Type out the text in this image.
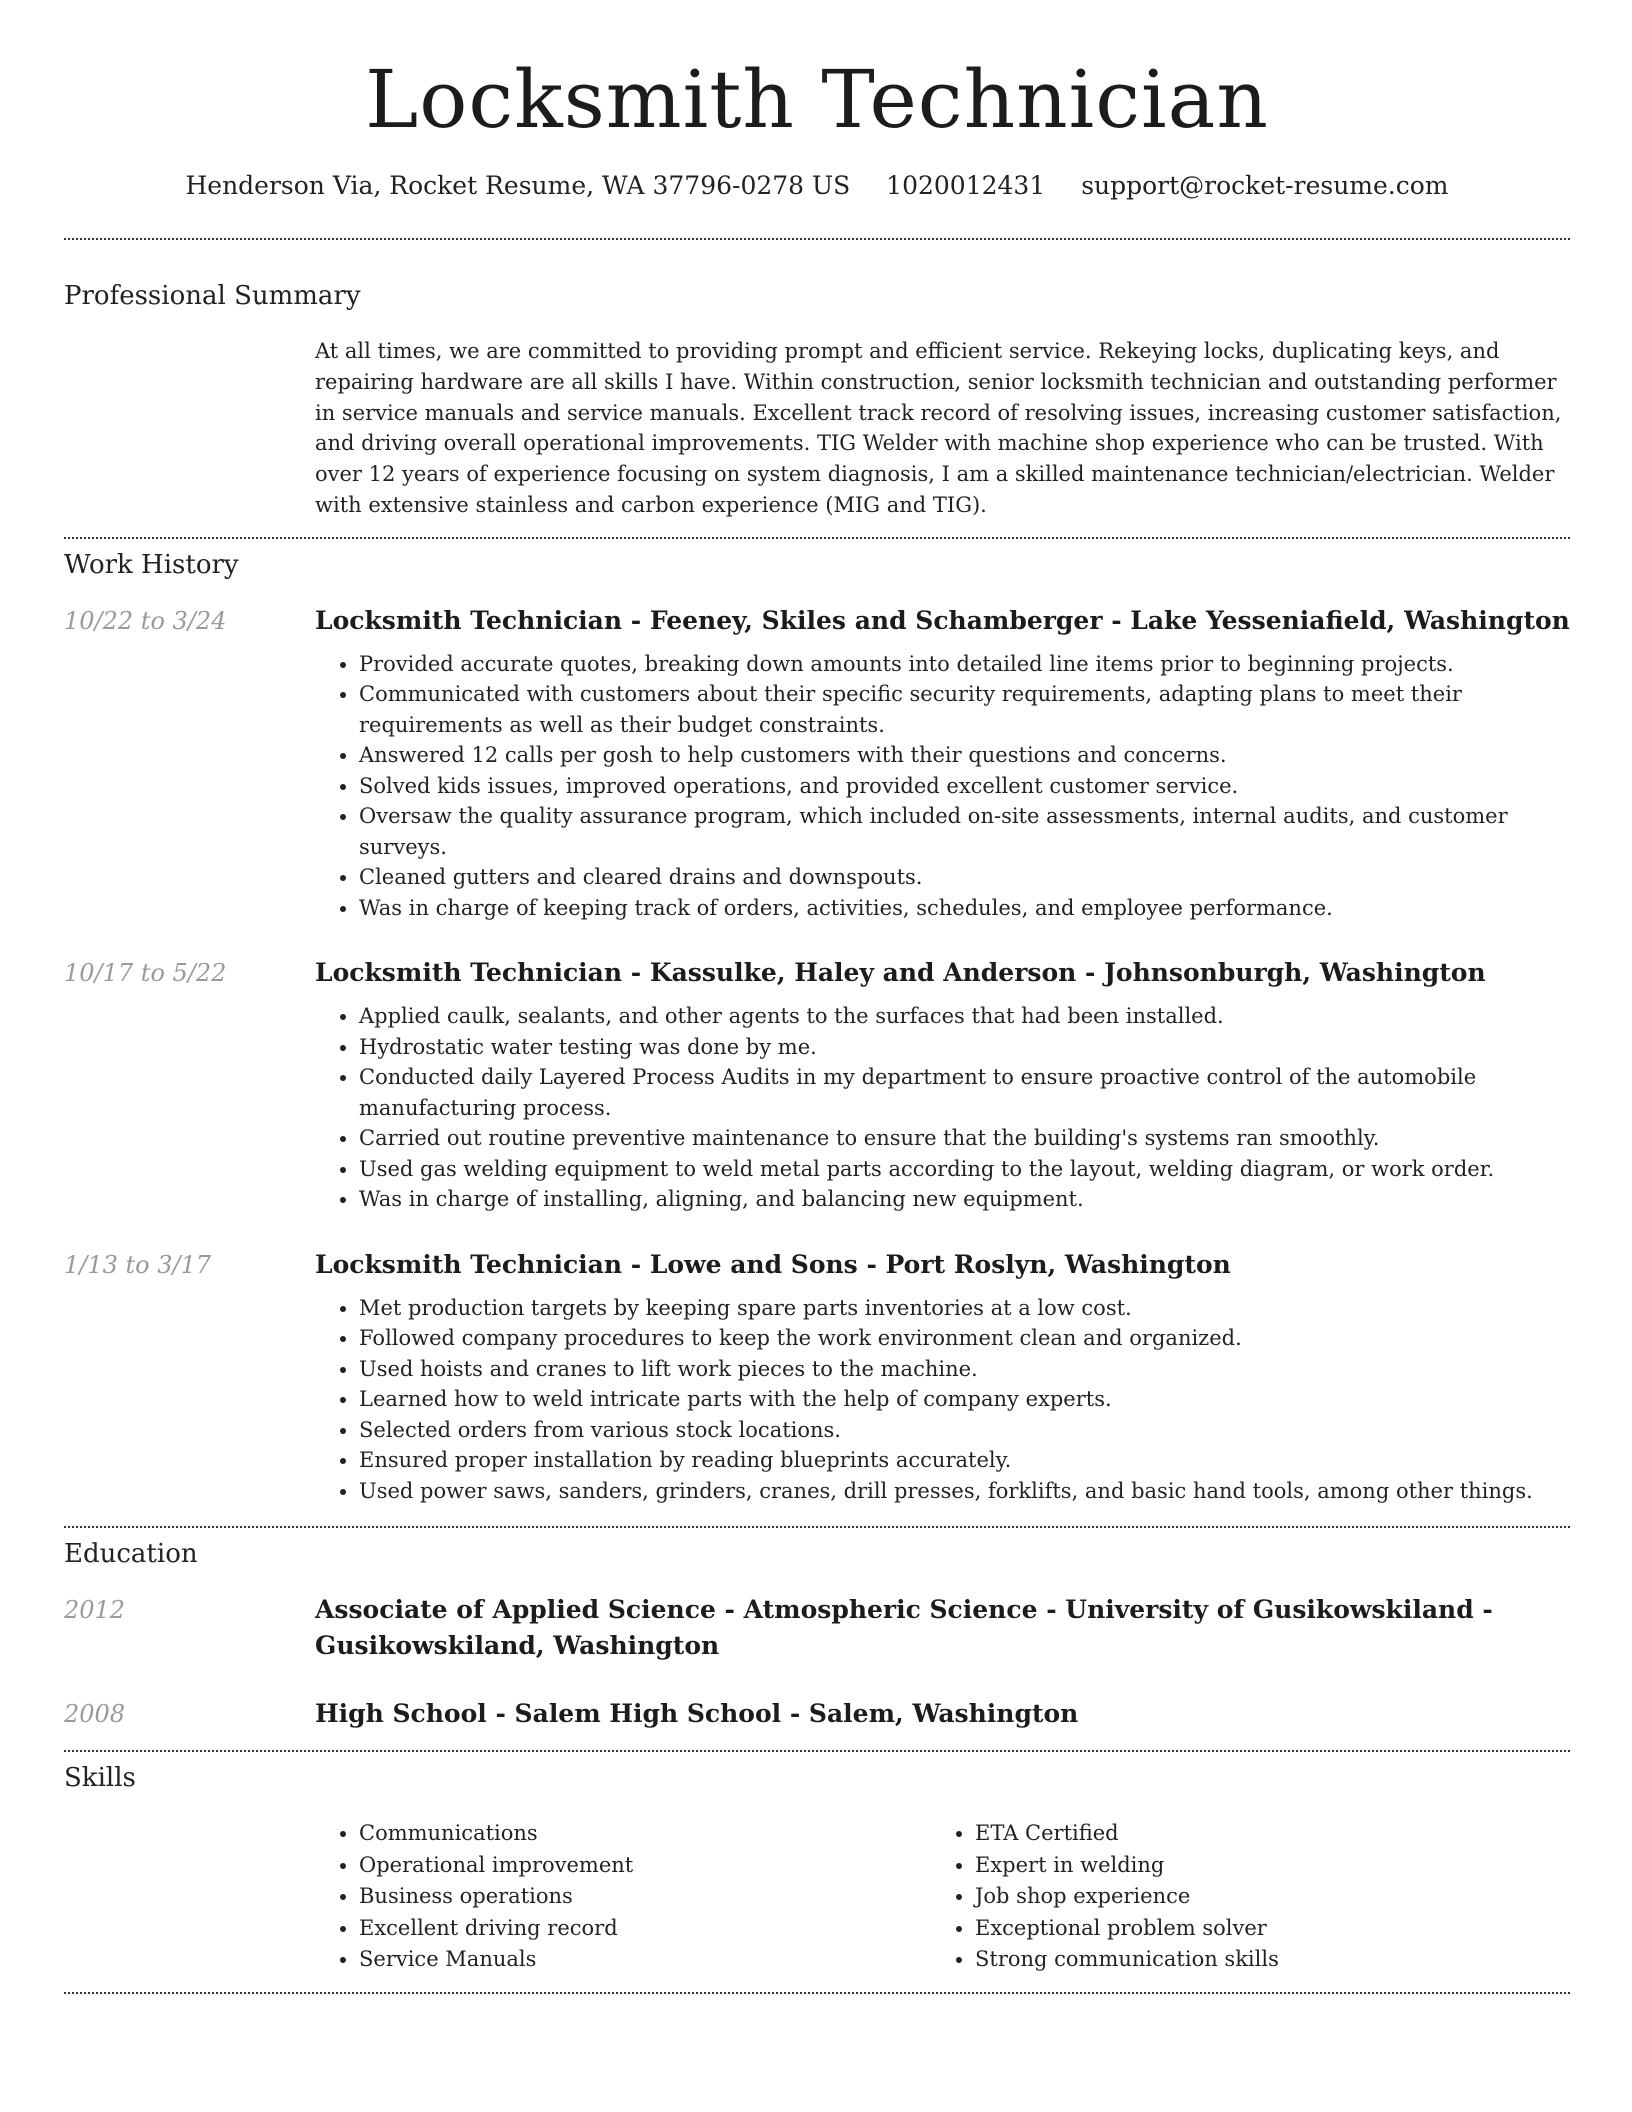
Locksmith Technician
Henderson Via, Rocket Resume, WA 37796-0278 US 1020012431 support@rocket-resume.com
Professional Summary

At all times, we are committed to providing prompt and efficient service. Rekeying locks, duplicating keys, and repairing hardware are all skills I have. Within construction, senior locksmith technician and outstanding performer in service manuals and service manuals. Excellent track record of resolving issues, increasing customer satisfaction, and driving overall operational improvements. TIG Welder with machine shop experience who can be trusted. With over 12 years of experience focusing on system diagnosis, I am a skilled maintenance technician/electrician. Welder with extensive stainless and carbon experience (MIG and TIG).

Work History
10/22 to 3/24	Locksmith Technician - Feeney, Skiles and Schamberger - Lake Yesseniafield, Washington
• Provided accurate quotes, breaking down amounts into detailed line items prior to beginning projects.
• Communicated with customers about their specific security requirements, adapting plans to meet their requirements as well as their budget constraints.
• Answered 12 calls per gosh to help customers with their questions and concerns.
• Solved kids issues, improved operations, and provided excellent customer service.
• Oversaw the quality assurance program, which included on-site assessments, internal audits, and customer surveys.
• Cleaned gutters and cleared drains and downspouts.
• Was in charge of keeping track of orders, activities, schedules, and employee performance.
10/17 to 5/22	Locksmith Technician - Kassulke, Haley and Anderson - Johnsonburgh, Washington
• Applied caulk, sealants, and other agents to the surfaces that had been installed.
• Hydrostatic water testing was done by me.
• Conducted daily Layered Process Audits in my department to ensure proactive control of the automobile manufacturing process.
• Carried out routine preventive maintenance to ensure that the building's systems ran smoothly.
• Used gas welding equipment to weld metal parts according to the layout, welding diagram, or work order.
• Was in charge of installing, aligning, and balancing new equipment.
1/13 to 3/17	Locksmith Technician - Lowe and Sons - Port Roslyn, Washington
• Met production targets by keeping spare parts inventories at a low cost.
• Followed company procedures to keep the work environment clean and organized.
• Used hoists and cranes to lift work pieces to the machine.
• Learned how to weld intricate parts with the help of company experts.
• Selected orders from various stock locations.
• Ensured proper installation by reading blueprints accurately.
• Used power saws, sanders, grinders, cranes, drill presses, forklifts, and basic hand tools, among other things.
Education
2012	Associate of Applied Science - Atmospheric Science - University of Gusikowskiland - Gusikowskiland, Washington
2008	High School - Salem High School - Salem, Washington
Skills
• Communications
• Operational improvement
• Business operations
• Excellent driving record
• Service Manuals
• ETA Certified
• Expert in welding
• Job shop experience
• Exceptional problem solver
• Strong communication skills
